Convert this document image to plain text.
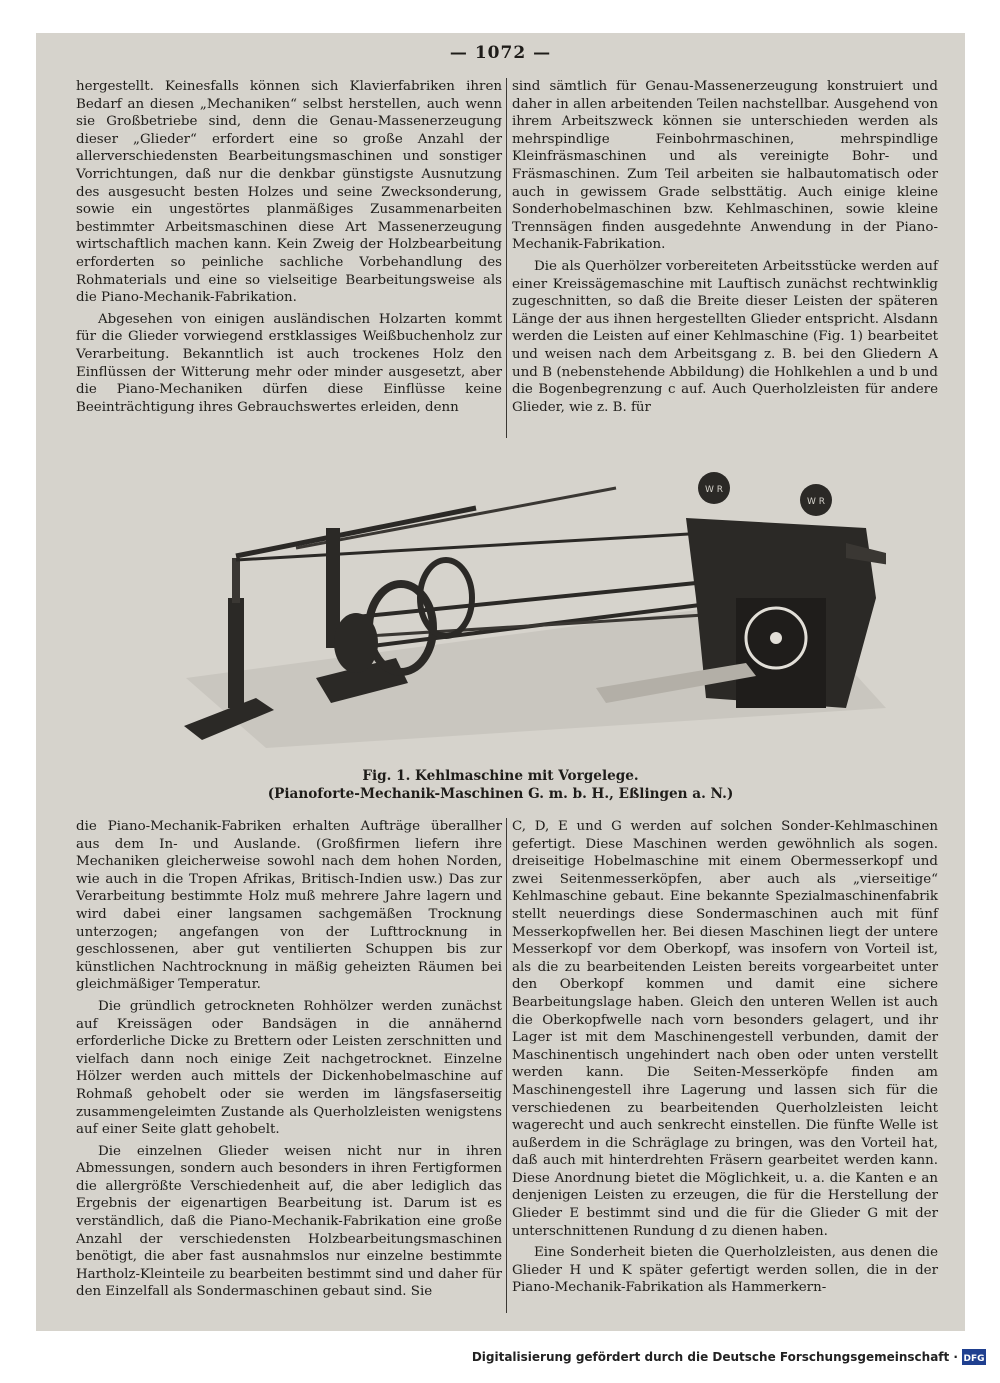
— 1072 —

hergestellt. Keinesfalls können sich Klavierfabriken ihren Bedarf an diesen „Mechaniken“ selbst herstellen, auch wenn sie Großbetriebe sind, denn die Genau-Massenerzeugung dieser „Glieder“ erfordert eine so große Anzahl der allerverschiedensten Bearbeitungsmaschinen und sonstiger Vorrichtungen, daß nur die denkbar günstigste Ausnutzung des ausgesucht besten Holzes und seine Zwecksonderung, sowie ein ungestörtes planmäßiges Zusammenarbeiten bestimmter Arbeitsmaschinen diese Art Massenerzeugung wirtschaftlich machen kann. Kein Zweig der Holzbearbeitung erforderten so peinliche sachliche Vorbehandlung des Rohmaterials und eine so vielseitige Bearbeitungsweise als die Piano-Mechanik-Fabrikation.

Abgesehen von einigen ausländischen Holzarten kommt für die Glieder vorwiegend erstklassiges Weißbuchenholz zur Verarbeitung. Bekanntlich ist auch trockenes Holz den Einflüssen der Witterung mehr oder minder ausgesetzt, aber die Piano-Mechaniken dürfen diese Einflüsse keine Beeinträchtigung ihres Gebrauchswertes erleiden, denn

sind sämtlich für Genau-Massenerzeugung konstruiert und daher in allen arbeitenden Teilen nachstellbar. Ausgehend von ihrem Arbeitszweck können sie unterschieden werden als mehrspindlige Feinbohrmaschinen, mehrspindlige Kleinfräsmaschinen und als vereinigte Bohr- und Fräsmaschinen. Zum Teil arbeiten sie halbautomatisch oder auch in gewissem Grade selbsttätig. Auch einige kleine Sonderhobelmaschinen bzw. Kehlmaschinen, sowie kleine Trennsägen finden ausgedehnte Anwendung in der Piano-Mechanik-Fabrikation.

Die als Querhölzer vorbereiteten Arbeitsstücke werden auf einer Kreissägemaschine mit Lauftisch zunächst rechtwinklig zugeschnitten, so daß die Breite dieser Leisten der späteren Länge der aus ihnen hergestellten Glieder entspricht. Alsdann werden die Leisten auf einer Kehlmaschine (Fig. 1) bearbeitet und weisen nach dem Arbeitsgang z. B. bei den Gliedern A und B (nebenstehende Abbildung) die Hohlkehlen a und b und die Bogenbegrenzung c auf. Auch Querholzleisten für andere Glieder, wie z. B. für

W R
W R
Fig. 1. Kehlmaschine mit Vorgelege.
(Pianoforte-Mechanik-Maschinen G. m. b. H., Eßlingen a. N.)

die Piano-Mechanik-Fabriken erhalten Aufträge überallher aus dem In- und Auslande. (Großfirmen liefern ihre Mechaniken gleicherweise sowohl nach dem hohen Norden, wie auch in die Tropen Afrikas, Britisch-Indien usw.) Das zur Verarbeitung bestimmte Holz muß mehrere Jahre lagern und wird dabei einer langsamen sachgemäßen Trocknung unterzogen; angefangen von der Lufttrocknung in geschlossenen, aber gut ventilierten Schuppen bis zur künstlichen Nachtrocknung in mäßig geheizten Räumen bei gleichmäßiger Temperatur.

Die gründlich getrockneten Rohhölzer werden zunächst auf Kreissägen oder Bandsägen in die annähernd erforderliche Dicke zu Brettern oder Leisten zerschnitten und vielfach dann noch einige Zeit nachgetrocknet. Einzelne Hölzer werden auch mittels der Dickenhobelmaschine auf Rohmaß gehobelt oder sie werden im längsfaserseitig zusammengeleimten Zustande als Querholzleisten wenigstens auf einer Seite glatt gehobelt.

Die einzelnen Glieder weisen nicht nur in ihren Abmessungen, sondern auch besonders in ihren Fertigformen die allergrößte Verschiedenheit auf, die aber lediglich das Ergebnis der eigenartigen Bearbeitung ist. Darum ist es verständlich, daß die Piano-Mechanik-Fabrikation eine große Anzahl der verschiedensten Holzbearbeitungsmaschinen benötigt, die aber fast ausnahmslos nur einzelne bestimmte Hartholz-Kleinteile zu bearbeiten bestimmt sind und daher für den Einzelfall als Sondermaschinen gebaut sind. Sie

C, D, E und G werden auf solchen Sonder-Kehlmaschinen gefertigt. Diese Maschinen werden gewöhnlich als sogen. dreiseitige Hobelmaschine mit einem Obermesserkopf und zwei Seitenmesserköpfen, aber auch als „vierseitige“ Kehlmaschine gebaut. Eine bekannte Spezialmaschinenfabrik stellt neuerdings diese Sondermaschinen auch mit fünf Messerkopfwellen her. Bei diesen Maschinen liegt der untere Messerkopf vor dem Oberkopf, was insofern von Vorteil ist, als die zu bearbeitenden Leisten bereits vorgearbeitet unter den Oberkopf kommen und damit eine sichere Bearbeitungslage haben. Gleich den unteren Wellen ist auch die Oberkopfwelle nach vorn besonders gelagert, und ihr Lager ist mit dem Maschinengestell verbunden, damit der Maschinentisch ungehindert nach oben oder unten verstellt werden kann. Die Seiten-Messerköpfe finden am Maschinengestell ihre Lagerung und lassen sich für die verschiedenen zu bearbeitenden Querholzleisten leicht wagerecht und auch senkrecht einstellen. Die fünfte Welle ist außerdem in die Schräglage zu bringen, was den Vorteil hat, daß auch mit hinterdrehten Fräsern gearbeitet werden kann. Diese Anordnung bietet die Möglichkeit, u. a. die Kanten e an denjenigen Leisten zu erzeugen, die für die Herstellung der Glieder E bestimmt sind und die für die Glieder G mit der unterschnittenen Rundung d zu dienen haben.

Eine Sonderheit bieten die Querholzleisten, aus denen die Glieder H und K später gefertigt werden sollen, die in der Piano-Mechanik-Fabrikation als Hammerkern-

Digitalisierung gefördert durch die Deutsche Forschungsgemeinschaft · DFG
